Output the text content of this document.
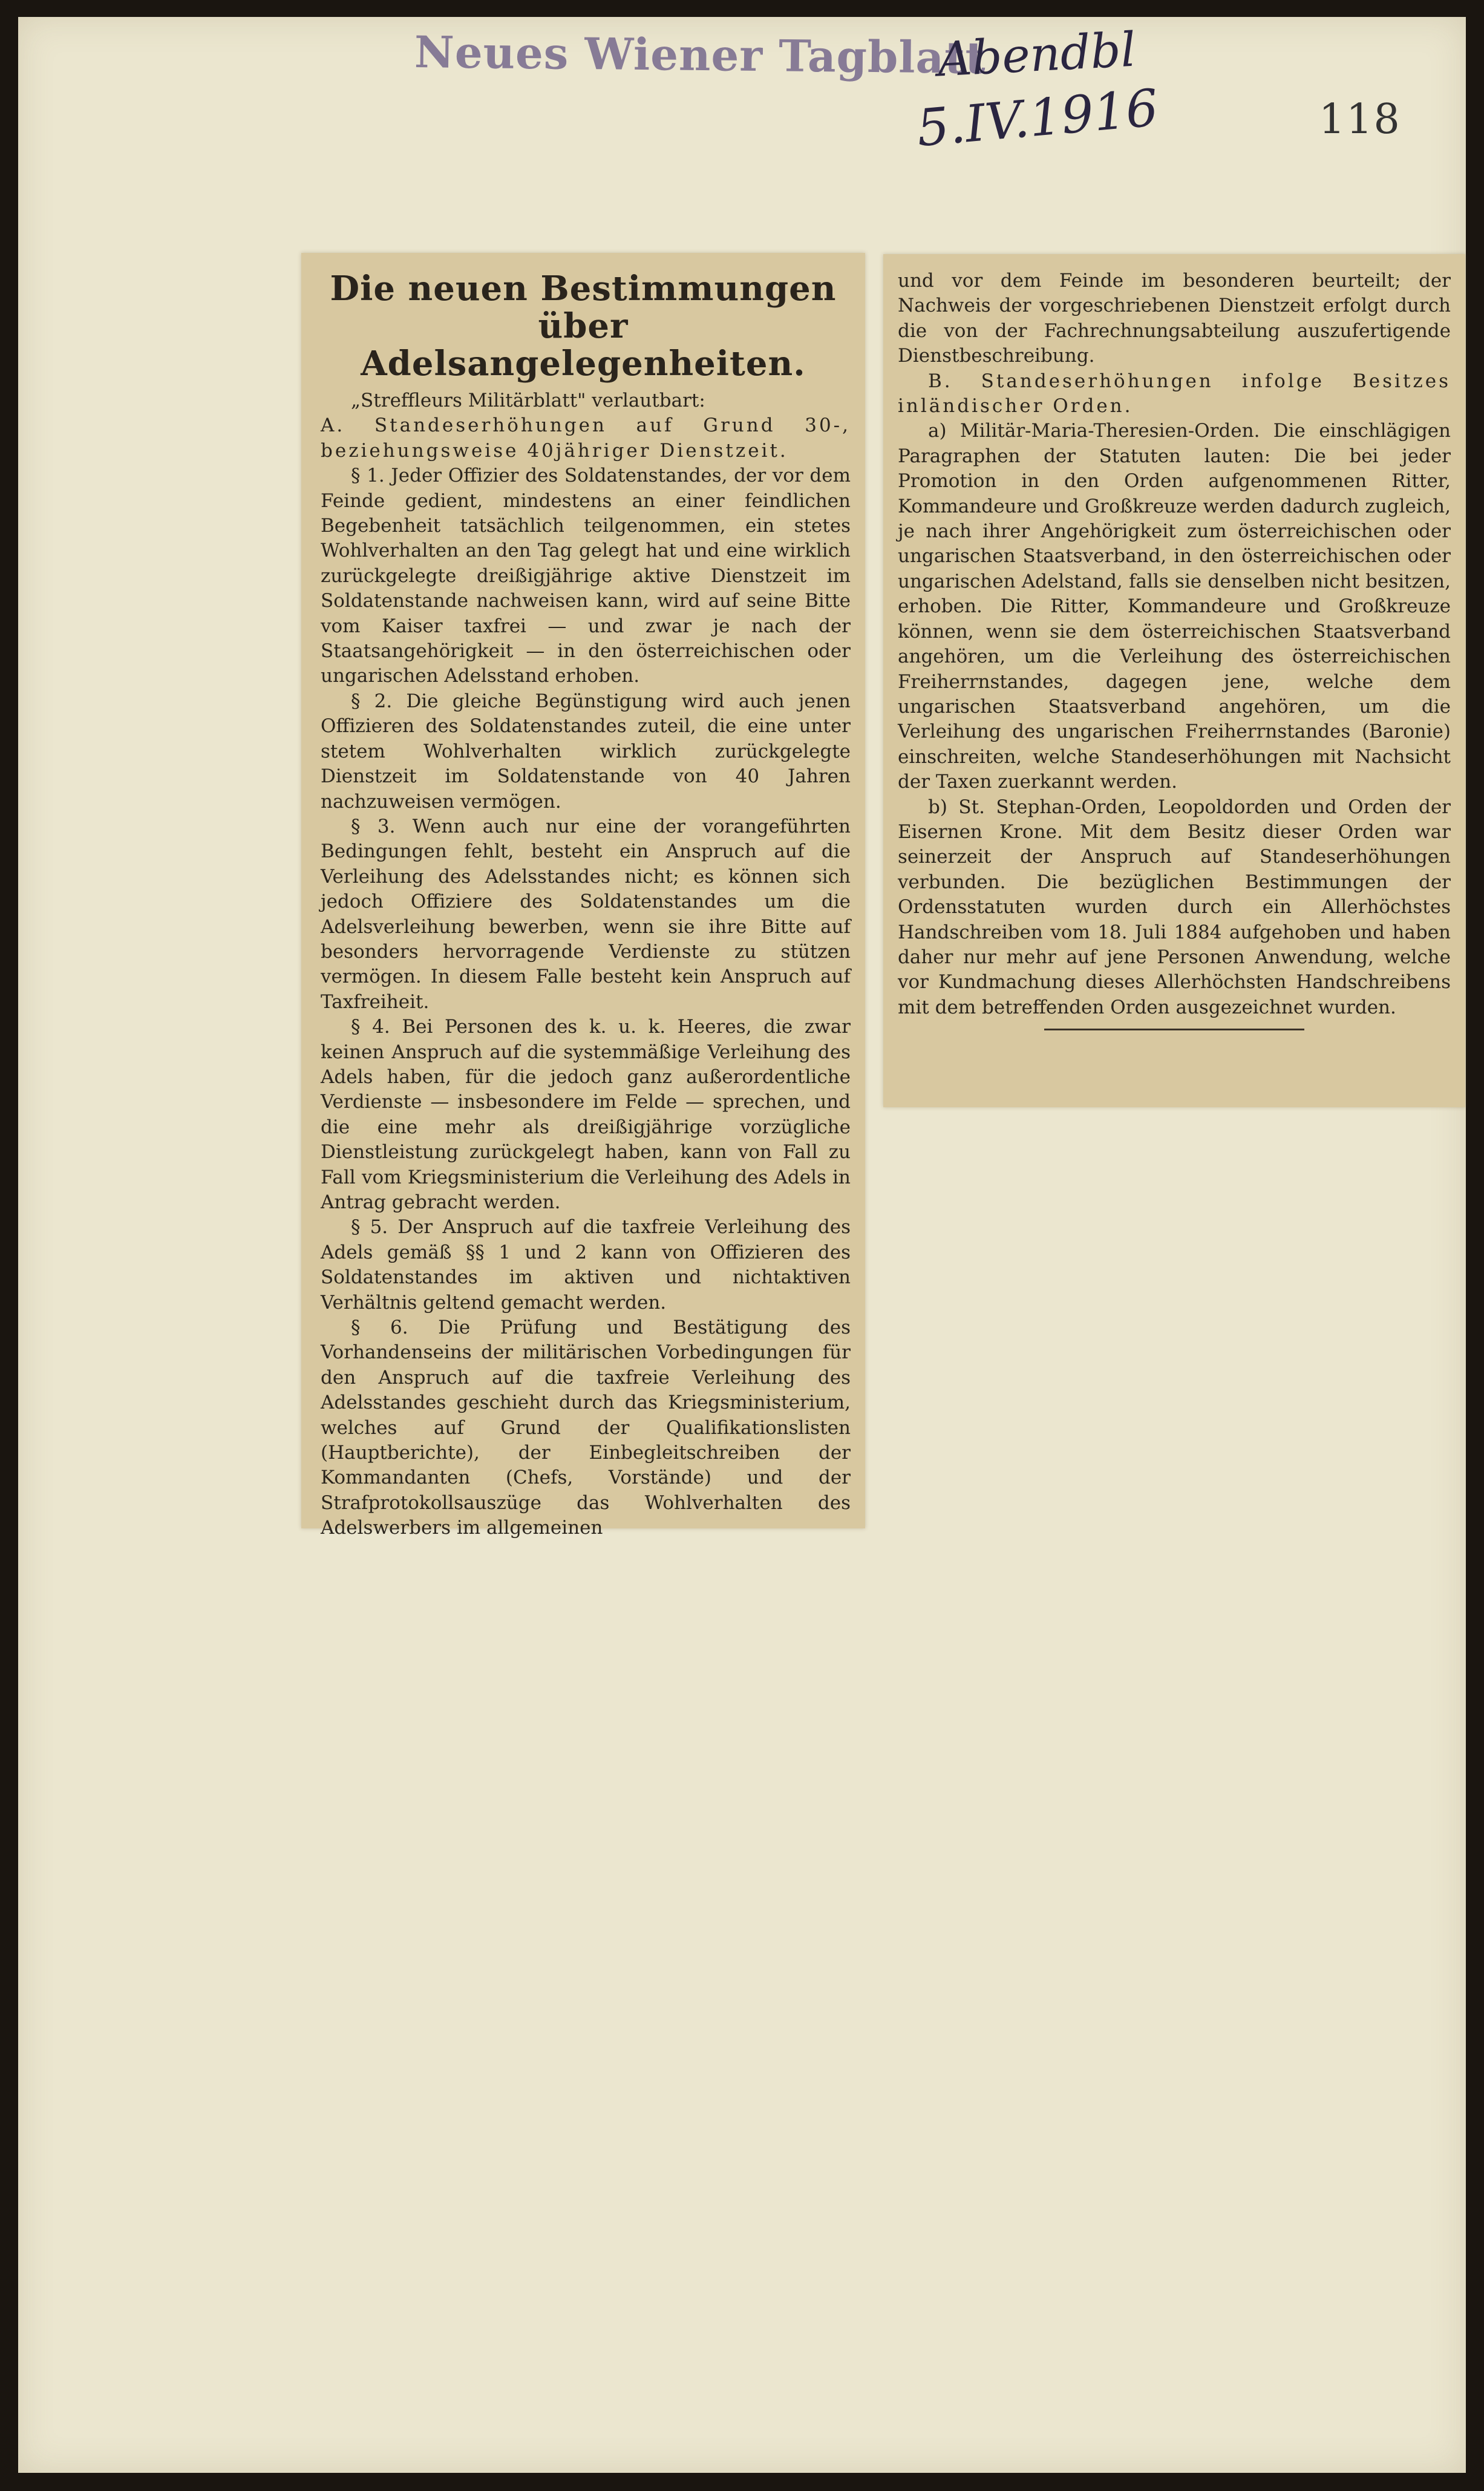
Neues Wiener Tagblatt
Abendbl
5.IV.1916	118
Die neuen Bestimmungen über
Adelsangelegenheiten.

„Streffleurs Militärblatt" verlautbart:

A. Standeserhöhungen auf Grund 30-, beziehungsweise 40jähriger Dienstzeit.

§ 1. Jeder Offizier des Soldatenstandes, der vor dem Feinde gedient, mindestens an einer feindlichen Begebenheit tatsächlich teilgenommen, ein stetes Wohlverhalten an den Tag gelegt hat und eine wirklich zurückgelegte dreißigjährige aktive Dienstzeit im Soldatenstande nachweisen kann, wird auf seine Bitte vom Kaiser taxfrei — und zwar je nach der Staatsangehörigkeit — in den österreichischen oder ungarischen Adelsstand erhoben.

§ 2. Die gleiche Begünstigung wird auch jenen Offizieren des Soldatenstandes zuteil, die eine unter stetem Wohlverhalten wirklich zurückgelegte Dienstzeit im Soldatenstande von 40 Jahren nachzuweisen vermögen.

§ 3. Wenn auch nur eine der vorangeführten Bedingungen fehlt, besteht ein Anspruch auf die Verleihung des Adelsstandes nicht; es können sich jedoch Offiziere des Soldatenstandes um die Adelsverleihung bewerben, wenn sie ihre Bitte auf besonders hervorragende Verdienste zu stützen vermögen. In diesem Falle besteht kein Anspruch auf Taxfreiheit.

§ 4. Bei Personen des k. u. k. Heeres, die zwar keinen Anspruch auf die systemmäßige Verleihung des Adels haben, für die jedoch ganz außerordentliche Verdienste — insbesondere im Felde — sprechen, und die eine mehr als dreißigjährige vorzügliche Dienstleistung zurückgelegt haben, kann von Fall zu Fall vom Kriegsministerium die Verleihung des Adels in Antrag gebracht werden.

§ 5. Der Anspruch auf die taxfreie Verleihung des Adels gemäß §§ 1 und 2 kann von Offizieren des Soldatenstandes im aktiven und nichtaktiven Verhältnis geltend gemacht werden.

§ 6. Die Prüfung und Bestätigung des Vorhandenseins der militärischen Vorbedingungen für den Anspruch auf die taxfreie Verleihung des Adelsstandes geschieht durch das Kriegsministerium, welches auf Grund der Qualifikationslisten (Hauptberichte), der Einbegleitschreiben der Kommandanten (Chefs, Vorstände) und der Strafprotokollsauszüge das Wohlverhalten des Adelswerbers im allgemeinen

und vor dem Feinde im besonderen beurteilt; der Nachweis der vorgeschriebenen Dienstzeit erfolgt durch die von der Fachrechnungsabteilung auszufertigende Dienstbeschreibung.

B. Standeserhöhungen infolge Besitzes inländischer Orden.

a) Militär-Maria-Theresien-Orden. Die einschlägigen Paragraphen der Statuten lauten: Die bei jeder Promotion in den Orden aufgenommenen Ritter, Kommandeure und Großkreuze werden dadurch zugleich, je nach ihrer Angehörigkeit zum österreichischen oder ungarischen Staatsverband, in den österreichischen oder ungarischen Adelstand, falls sie denselben nicht besitzen, erhoben. Die Ritter, Kommandeure und Großkreuze können, wenn sie dem österreichischen Staatsverband angehören, um die Verleihung des österreichischen Freiherrnstandes, dagegen jene, welche dem ungarischen Staatsverband angehören, um die Verleihung des ungarischen Freiherrnstandes (Baronie) einschreiten, welche Standeserhöhungen mit Nachsicht der Taxen zuerkannt werden.

b) St. Stephan-Orden, Leopoldorden und Orden der Eisernen Krone. Mit dem Besitz dieser Orden war seinerzeit der Anspruch auf Standeserhöhungen verbunden. Die bezüglichen Bestimmungen der Ordensstatuten wurden durch ein Allerhöchstes Handschreiben vom 18. Juli 1884 aufgehoben und haben daher nur mehr auf jene Personen Anwendung, welche vor Kundmachung dieses Allerhöchsten Handschreibens mit dem betreffenden Orden ausgezeichnet wurden.
